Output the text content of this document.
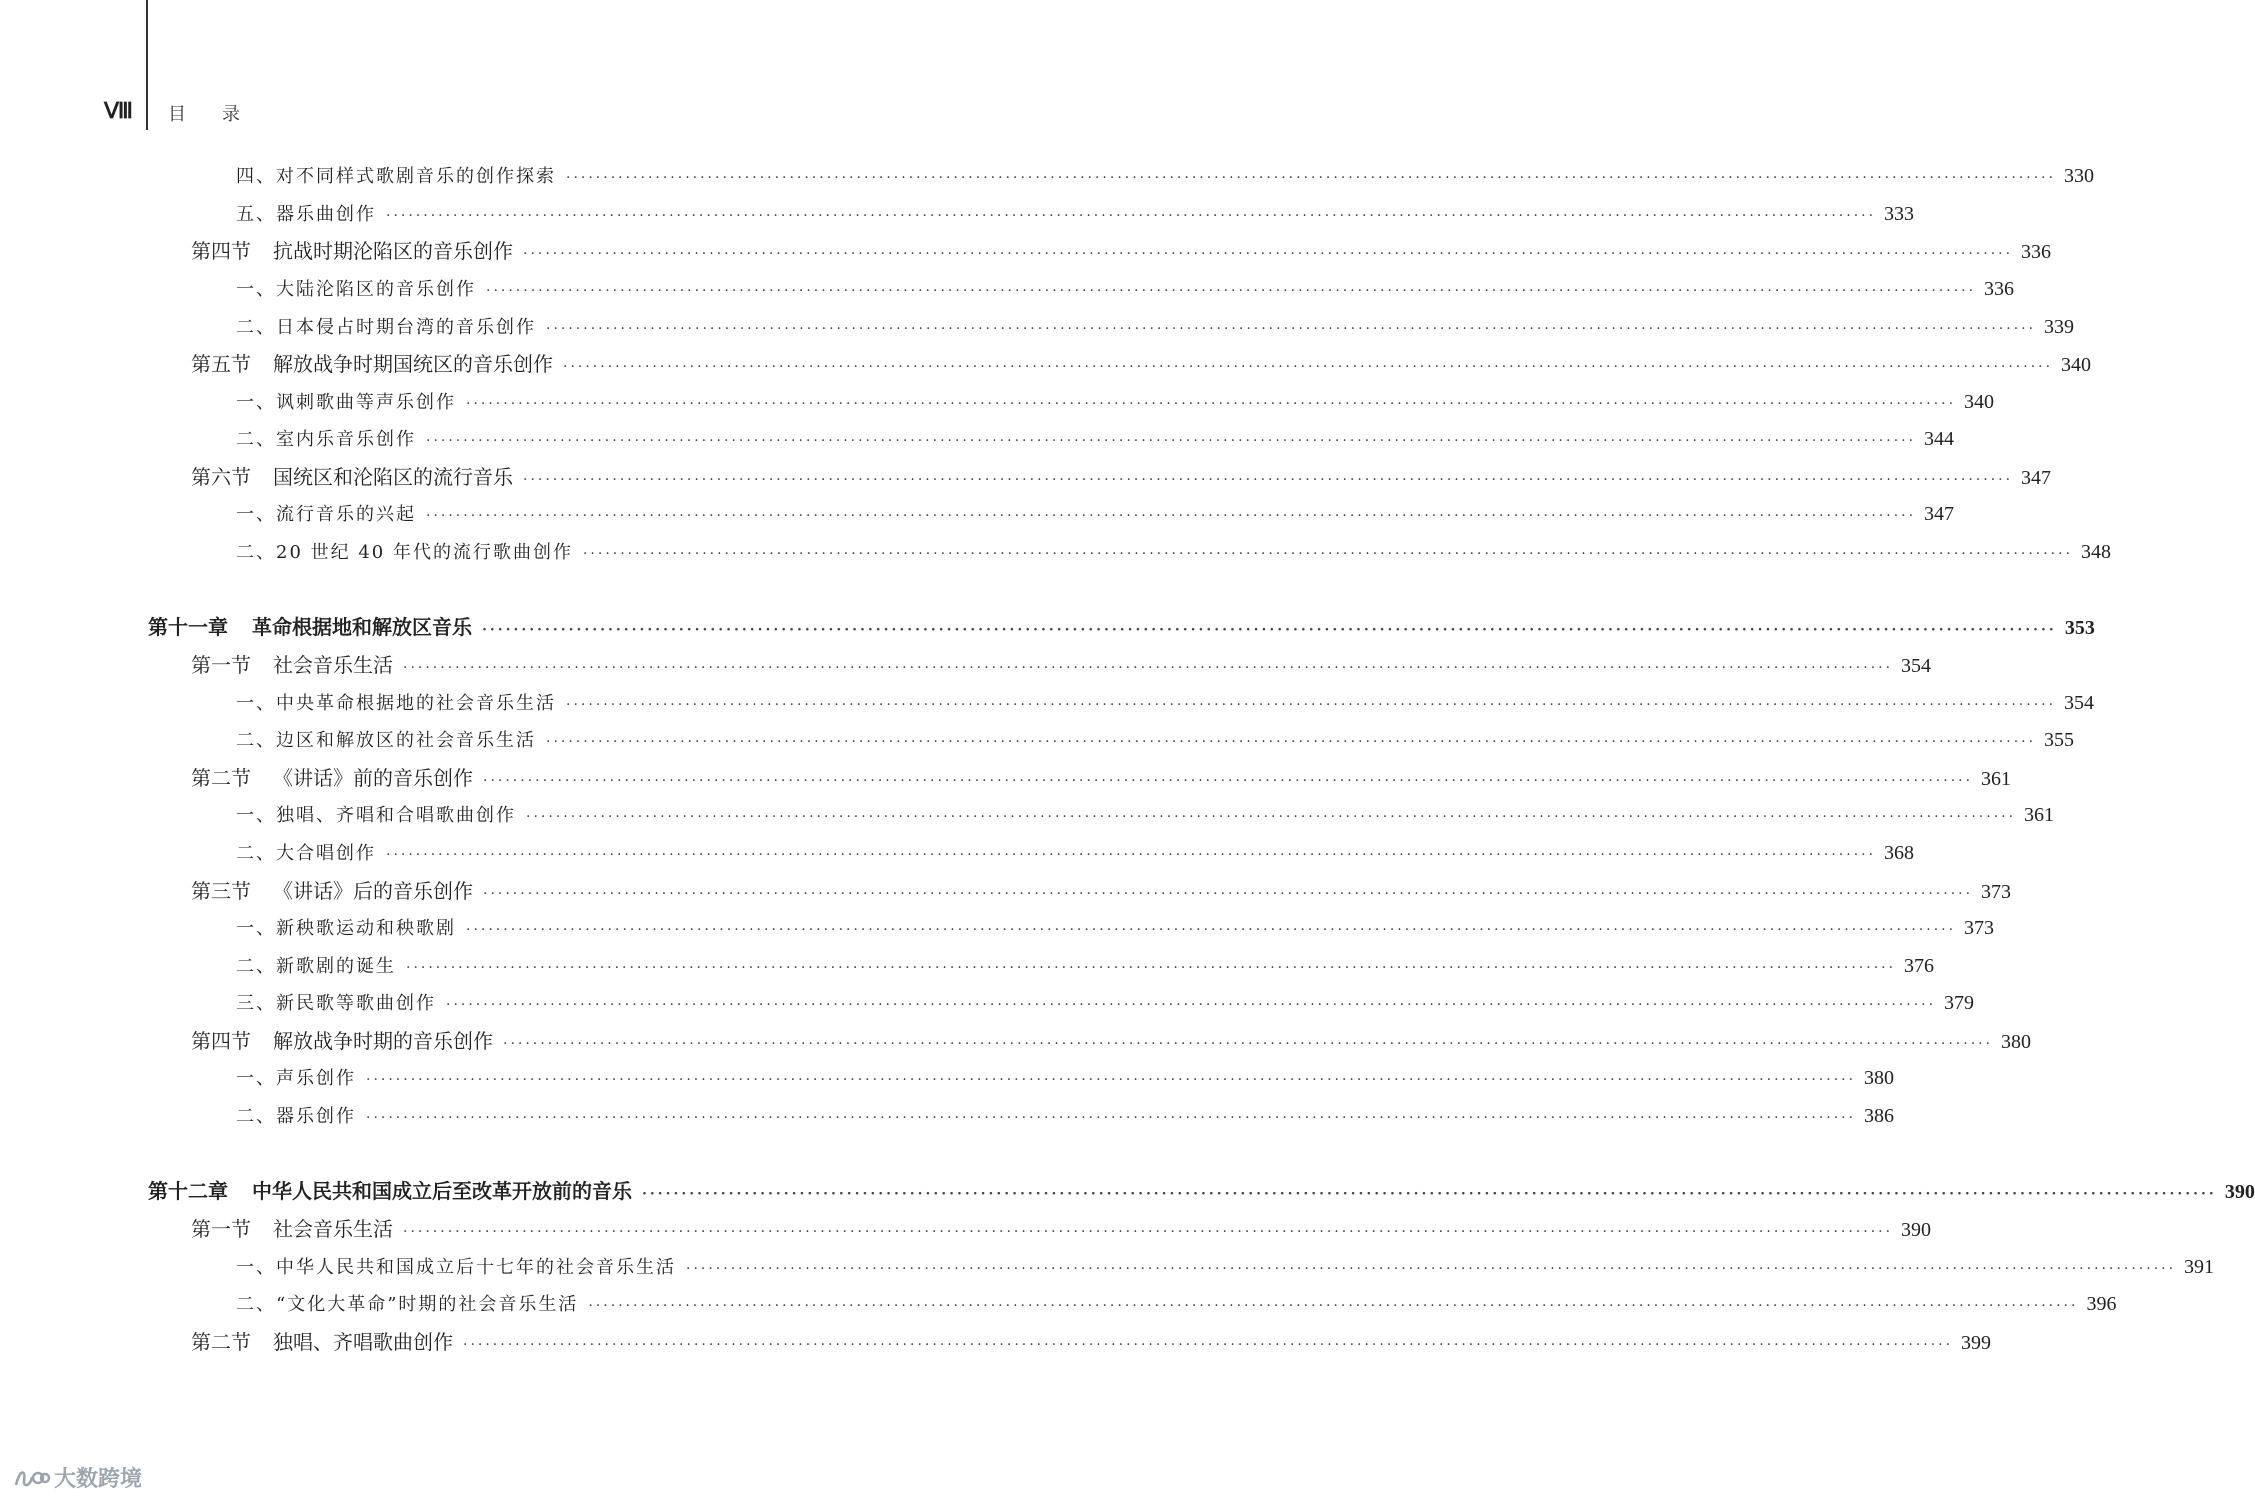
Ⅷ 目录
四、对不同样式歌剧音乐的创作探索 ········································································································································································································ 330
五、器乐曲创作 ········································································································································································································ 333
第四节 抗战时期沦陷区的音乐创作 ········································································································································································································ 336
一、大陆沦陷区的音乐创作 ········································································································································································································ 336
二、日本侵占时期台湾的音乐创作 ········································································································································································································ 339
第五节 解放战争时期国统区的音乐创作 ········································································································································································································ 340
一、讽刺歌曲等声乐创作 ········································································································································································································ 340
二、室内乐音乐创作 ········································································································································································································ 344
第六节 国统区和沦陷区的流行音乐 ········································································································································································································ 347
一、流行音乐的兴起 ········································································································································································································ 347
二、20 世纪 40 年代的流行歌曲创作 ········································································································································································································ 348
第十一章 革命根据地和解放区音乐 ········································································································································································································ 353
第一节 社会音乐生活 ········································································································································································································ 354
一、中央革命根据地的社会音乐生活 ········································································································································································································ 354
二、边区和解放区的社会音乐生活 ········································································································································································································ 355
第二节 《讲话》前的音乐创作 ········································································································································································································ 361
一、独唱、齐唱和合唱歌曲创作 ········································································································································································································ 361
二、大合唱创作 ········································································································································································································ 368
第三节 《讲话》后的音乐创作 ········································································································································································································ 373
一、新秧歌运动和秧歌剧 ········································································································································································································ 373
二、新歌剧的诞生 ········································································································································································································ 376
三、新民歌等歌曲创作 ········································································································································································································ 379
第四节 解放战争时期的音乐创作 ········································································································································································································ 380
一、声乐创作 ········································································································································································································ 380
二、器乐创作 ········································································································································································································ 386
第十二章 中华人民共和国成立后至改革开放前的音乐 ········································································································································································································ 390
第一节 社会音乐生活 ········································································································································································································ 390
一、中华人民共和国成立后十七年的社会音乐生活 ········································································································································································································ 391
二、“文化大革命”时期的社会音乐生活 ········································································································································································································ 396
第二节 独唱、齐唱歌曲创作 ········································································································································································································ 399
大数跨境
